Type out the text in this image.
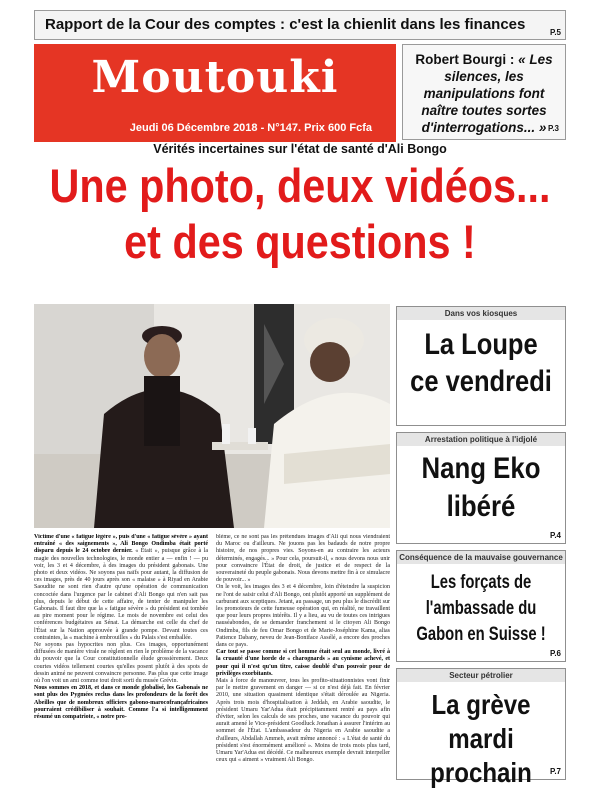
Rapport de la Cour des comptes : c'est la chienlit dans les finances	P.5
Moutouki
Jeudi 06 Décembre 2018 - N°147. Prix 600 Fcfa
Robert Bourgi : « Les silences, les manipulations font naître toutes sortes d'interrogations... » P.3
Vérités incertaines sur l'état de santé d'Ali Bongo
Une photo, deux vidéos...
et des questions !
Dans vos kiosques
La Loupe ce vendredi
Arrestation politique à l'idjolé
Nang Eko libéré
P.4
Conséquence de la mauvaise gouvernance
Les forçats de l'ambassade du Gabon en Suisse !
P.6
Secteur pétrolier
La grève mardi prochain	P.7

Victime d'une « fatigue légère », puis d'une « fatigue sévère » ayant entraîné « des saignements », Ali Bongo Ondimba était porté disparu depuis le 24 octobre dernier. « Était », puisque grâce à la magie des nouvelles technologies, le monde entier a — enfin ! — pu voir, les 3 et 4 décembre, à des images du président gabonais. Une photo et deux vidéos. Ne soyons pas naïfs pour autant, la diffusion de ces images, près de 40 jours après son « malaise » à Riyad en Arabie Saoudite ne sont rien d'autre qu'une opération de communication concoctée dans l'urgence par le cabinet d'Ali Bongo qui n'en sait pas plus, depuis le début de cette affaire, de tenter de manipuler les Gabonais. Il faut dire que la « fatigue sévère » du président est tombée au pire moment pour le régime. Le mois de novembre est celui des conférences budgétaires au Sénat. La démarche est celle du chef de l'État sur la Nation approuvée à grande pompe. Devant toutes ces contraintes, la « machine à embrouilles » du Palais s'est emballée.

Ne soyons pas hypocrites non plus. Ces images, opportunément diffusées de manière virale ne règlent en rien le problème de la vacance du pouvoir que la Cour constitutionnelle élude grossièrement. Deux courtes vidéos tellement courtes qu'elles posent plutôt à des spots de dessin animé ne peuvent convaincre personne. Pas plus que cette image où l'on voit un ami comme tout droit sorti du musée Grévin.

Nous sommes en 2018, et dans ce monde globalisé, les Gabonais ne sont plus des Pygmées reclus dans les profondeurs de la forêt des Abeilles que de nombreux officiers gabono-marocofrançafricaines pourraient crédibiliser à souhait. Comme l'a si intelligemment résumé un compatriote, « notre pro-

blème, ce ne sont pas les prétendues images d'Ali qui nous viendraient du Maroc ou d'ailleurs. Ne jouons pas les badauds de notre propre histoire, de nos propres vies. Soyons-en au contraire les acteurs déterminés, engagés... » Pour cela, poursuit-il, « nous devons nous unir pour convaincre l'État de droit, de justice et de respect de la souveraineté du peuple gabonais. Nous devons mettre fin à ce simulacre de pouvoir... »

On le voit, les images des 3 et 4 décembre, loin d'éteindre la suspicion ne l'ont de saisir celui d'Ali Bongo, ont plutôt apporté un supplément de carburant aux sceptiques. Jetant, au passage, un peu plus le discrédit sur les promoteurs de cette fumeuse opération qui, en réalité, ne travaillent que pour leurs propres intérêts. Il y a lieu, au vu de toutes ces intrigues nauséabondes, de se demander franchement si le citoyen Ali Bongo Ondimba, fils de feu Omar Bongo et de Marie-Joséphine Kama, alias Patience Dabany, neveu de Jean-Boniface Assélé, a encore des proches dans ce pays.

Car tout se passe comme si cet homme était seul au monde, livré à la cruauté d'une horde de « charognards » au cynisme achevé, et pour qui il n'est qu'un titre, caisse doublé d'un pouvoir pour de privilèges exorbitants.

Mais à force de manœuvrer, tous les profito-situationnistes vont finir par le mettre gravement en danger — si ce n'est déjà fait. En février 2010, une situation quasiment identique s'était déroulée au Nigeria. Après trois mois d'hospitalisation à Jeddah, en Arabie saoudite, le président Umaru Yar'Adua était précipitamment rentré au pays afin d'éviter, selon les calculs de ses proches, une vacance du pouvoir qui aurait amené le Vice-président Goodluck Jonathan à assurer l'intérim au sommet de l'État. L'ambassadeur du Nigeria en Arabie saoudite a d'ailleurs, Abdallah Ammeh, avait même annoncé : « L'état de santé du président s'est énormément amélioré ». Moins de trois mois plus tard, Umaru Yar'Adua est décédé. Ce malheureux exemple devrait interpeller ceux qui « aiment » vraiment Ali Bongo.
